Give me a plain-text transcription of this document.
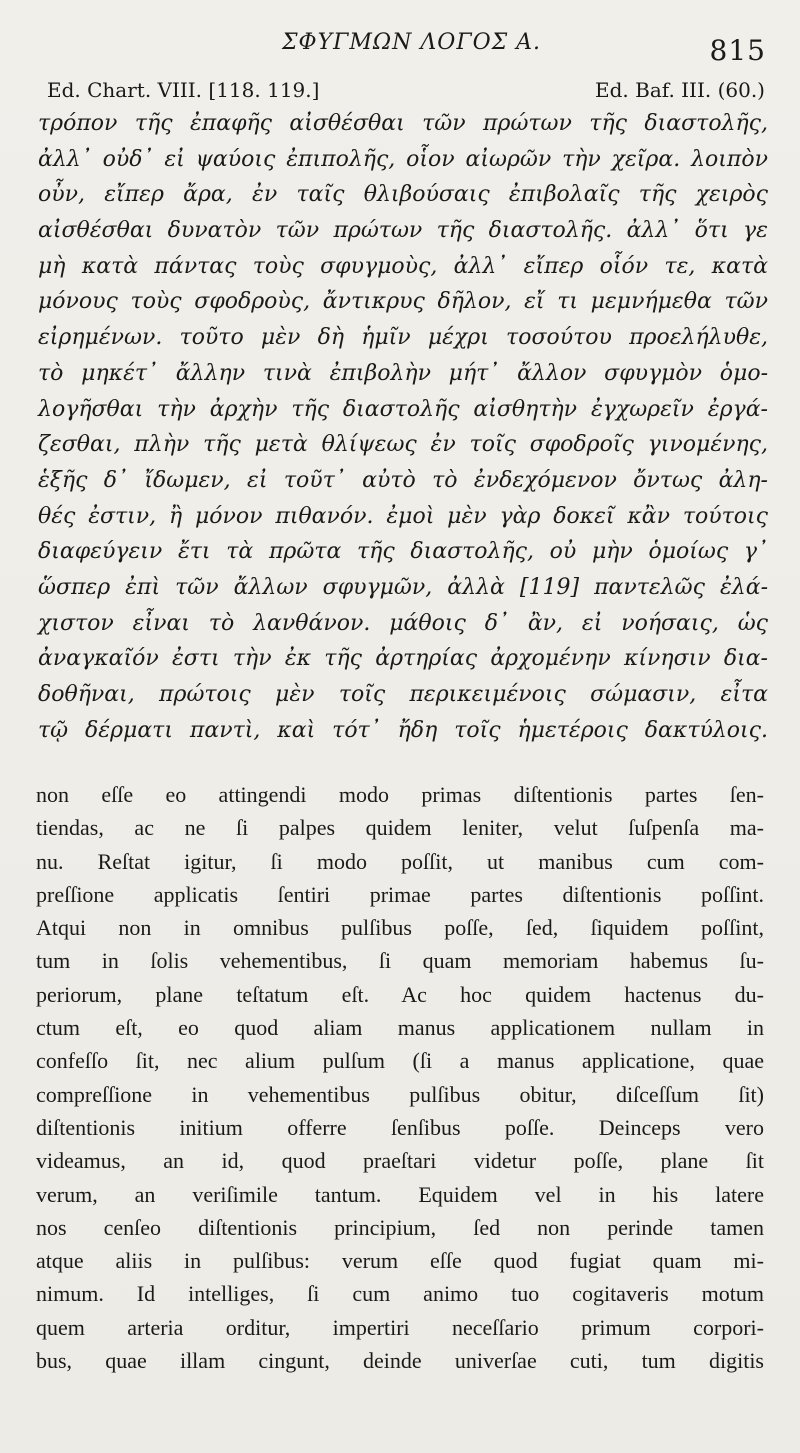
ΣΦΥΓΜΩΝ ΛΟΓΟΣ Α.	815
Ed. Chart. VIII. [118. 119.]	Ed. Baf. III. (60.)
τρόπον τῆς ἐπαφῆς αἰσθέσθαι τῶν πρώτων τῆς διαστολῆς,
ἀλλ᾽ οὐδ᾽ εἰ ψαύοις ἐπιπολῆς, οἷον αἰωρῶν τὴν χεῖρα. λοιπὸν
οὖν, εἴπερ ἄρα, ἐν ταῖς θλιβούσαις ἐπιβολαῖς τῆς χειρὸς
αἰσθέσθαι δυνατὸν τῶν πρώτων τῆς διαστολῆς. ἀλλ᾽ ὅτι γε
μὴ κατὰ πάντας τοὺς σφυγμοὺς, ἀλλ᾽ εἴπερ οἷόν τε, κατὰ
μόνους τοὺς σφοδροὺς, ἄντικρυς δῆλον, εἴ τι μεμνήμεθα τῶν
εἰρημένων. τοῦτο μὲν δὴ ἡμῖν μέχρι τοσούτου προελήλυθε,
τὸ μηκέτ᾽ ἄλλην τινὰ ἐπιβολὴν μήτ᾽ ἄλλον σφυγμὸν ὁμο-
λογῆσθαι τὴν ἀρχὴν τῆς διαστολῆς αἰσθητὴν ἐγχωρεῖν ἐργά-
ζεσθαι, πλὴν τῆς μετὰ θλίψεως ἐν τοῖς σφοδροῖς γινομένης,
ἑξῆς δ᾽ ἴδωμεν, εἰ τοῦτ᾽ αὐτὸ τὸ ἐνδεχόμενον ὄντως ἀλη-
θές ἐστιν, ἢ μόνον πιθανόν. ἐμοὶ μὲν γὰρ δοκεῖ κἂν τούτοις
διαφεύγειν ἔτι τὰ πρῶτα τῆς διαστολῆς, οὐ μὴν ὁμοίως γ᾽
ὥσπερ ἐπὶ τῶν ἄλλων σφυγμῶν, ἀλλὰ [119] παντελῶς ἐλά-
χιστον εἶναι τὸ λανθάνον. μάθοις δ᾽ ἂν, εἰ νοήσαις, ὡς
ἀναγκαῖόν ἐστι τὴν ἐκ τῆς ἀρτηρίας ἀρχομένην κίνησιν δια-
δοθῆναι, πρώτοις μὲν τοῖς περικειμένοις σώμασιν, εἶτα
τῷ δέρματι παντὶ, καὶ τότ᾽ ἤδη τοῖς ἡμετέροις δακτύλοις.
non eſſe eo attingendi modo primas diſtentionis partes ſen-
tiendas, ac ne ſi palpes quidem leniter, velut ſuſpenſa ma-
nu. Reſtat igitur, ſi modo poſſit, ut manibus cum com-
preſſione applicatis ſentiri primae partes diſtentionis poſſint.
Atqui non in omnibus pulſibus poſſe, ſed, ſiquidem poſſint,
tum in ſolis vehementibus, ſi quam memoriam habemus ſu-
periorum, plane teſtatum eſt. Ac hoc quidem hactenus du-
ctum eſt, eo quod aliam manus applicationem nullam in
confeſſo ſit, nec alium pulſum (ſi a manus applicatione, quae
compreſſione in vehementibus pulſibus obitur, diſceſſum ſit)
diſtentionis initium offerre ſenſibus poſſe. Deinceps vero
videamus, an id, quod praeſtari videtur poſſe, plane ſit
verum, an veriſimile tantum. Equidem vel in his latere
nos cenſeo diſtentionis principium, ſed non perinde tamen
atque aliis in pulſibus: verum eſſe quod fugiat quam mi-
nimum. Id intelliges, ſi cum animo tuo cogitaveris motum
quem arteria orditur, impertiri neceſſario primum corpori-
bus, quae illam cingunt, deinde univerſae cuti, tum digitis
